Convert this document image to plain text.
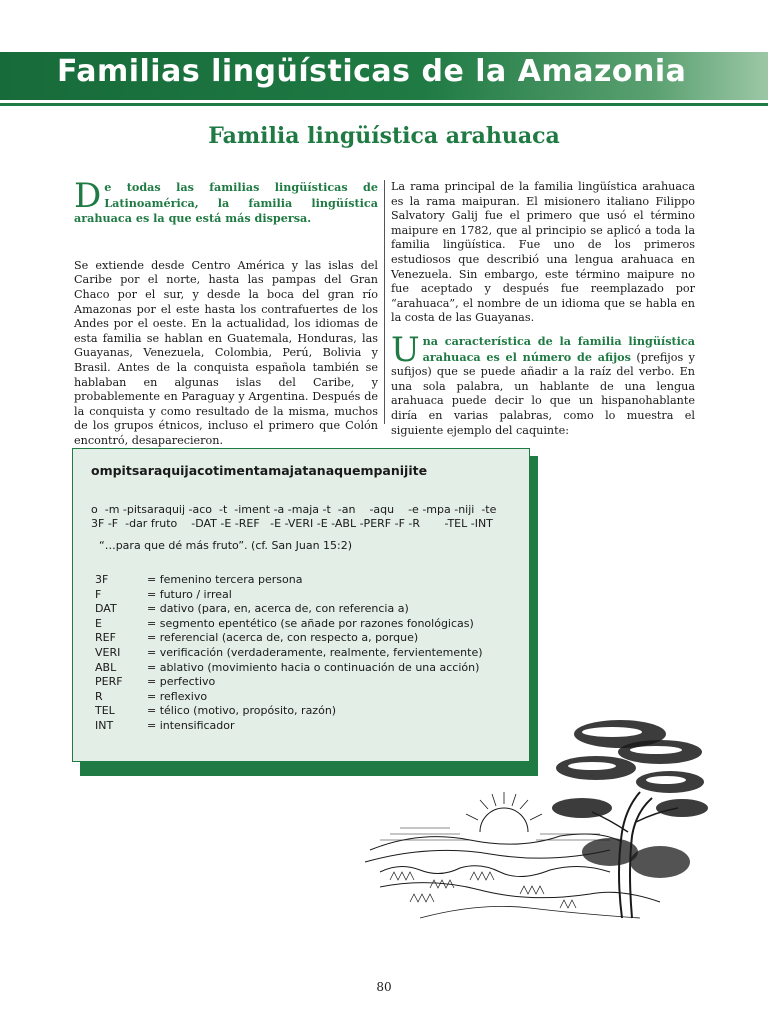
Familias lingüísticas de la Amazonia
Familia lingüística arahuaca

De todas las familias lingüísticas de Latinoamérica, la familia lingüística arahuaca es la que está más dispersa.

Se extiende desde Centro América y las islas del Caribe por el norte, hasta las pampas del Gran Chaco por el sur, y desde la boca del gran río Amazonas por el este hasta los contrafuertes de los Andes por el oeste. En la actualidad, los idiomas de esta familia se hablan en Guatemala, Honduras, las Guayanas, Venezuela, Colombia, Perú, Bolivia y Brasil. Antes de la conquista española también se hablaban en algunas islas del Caribe, y probablemente en Paraguay y Argentina. Después de la conquista y como resultado de la misma, muchos de los grupos étnicos, incluso el primero que Colón encontró, desaparecieron.

La rama principal de la familia lingüística arahuaca es la rama maipuran. El misionero italiano Filippo Salvatory Galij fue el primero que usó el término maipure en 1782, que al principio se aplicó a toda la familia lingüística. Fue uno de los primeros estudiosos que describió una lengua arahuaca en Venezuela. Sin embargo, este término maipure no fue aceptado y después fue reemplazado por “arahuaca”, el nombre de un idioma que se habla en la costa de las Guayanas.

Una característica de la familia lingüística arahuaca es el número de afijos (prefijos y sufijos) que se puede añadir a la raíz del verbo. En una sola palabra, un hablante de una lengua arahuaca puede decir lo que un hispanohablante diría en varias palabras, como lo muestra el siguiente ejemplo del caquinte:

ompitsaraquijacotimentamajatanaquempanijite
o  -m -pitsaraquij -aco  -t  -iment -a -maja -t  -an    -aqu    -e -mpa -niji  -te
3F -F  -dar fruto    -DAT -E -REF   -E -VERI -E -ABL -PERF -F -R       -TEL -INT
“…para que dé más fruto”. (cf. San Juan 15:2)
3F	= femenino tercera persona
F	= futuro / irreal
DAT	= dativo (para, en, acerca de, con referencia a)
E	= segmento epentético (se añade por razones fonológicas)
REF	= referencial (acerca de, con respecto a, porque)
VERI	= verificación (verdaderamente, realmente, fervientemente)
ABL	= ablativo (movimiento hacia o continuación de una acción)
PERF	= perfectivo
R	= reflexivo
TEL	= télico (motivo, propósito, razón)
INT	= intensificador
80
